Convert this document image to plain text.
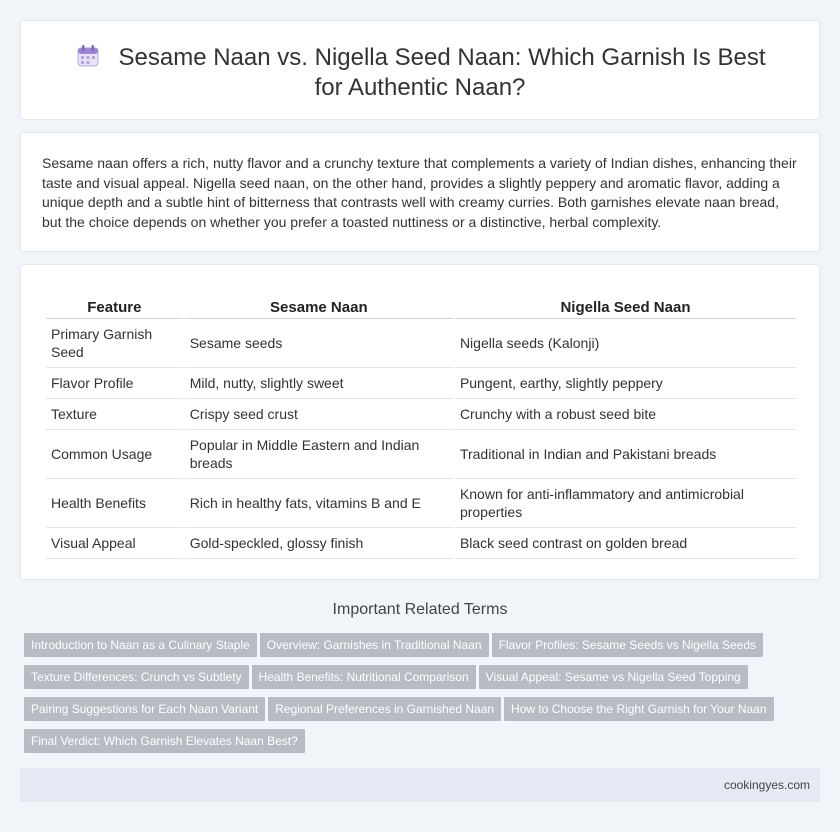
Sesame Naan vs. Nigella Seed Naan: Which Garnish Is Best for Authentic Naan?

Sesame naan offers a rich, nutty flavor and a crunchy texture that complements a variety of Indian dishes, enhancing their taste and visual appeal. Nigella seed naan, on the other hand, provides a slightly peppery and aromatic flavor, adding a unique depth and a subtle hint of bitterness that contrasts well with creamy curries. Both garnishes elevate naan bread, but the choice depends on whether you prefer a toasted nuttiness or a distinctive, herbal complexity.

Feature	Sesame Naan	Nigella Seed Naan
Primary Garnish Seed	Sesame seeds	Nigella seeds (Kalonji)
Flavor Profile	Mild, nutty, slightly sweet	Pungent, earthy, slightly peppery
Texture	Crispy seed crust	Crunchy with a robust seed bite
Common Usage	Popular in Middle Eastern and Indian breads	Traditional in Indian and Pakistani breads
Health Benefits	Rich in healthy fats, vitamins B and E	Known for anti-inflammatory and antimicrobial properties
Visual Appeal	Gold-speckled, glossy finish	Black seed contrast on golden bread
Important Related Terms
Introduction to Naan as a Culinary Staple Overview: Garnishes in Traditional Naan Flavor Profiles: Sesame Seeds vs Nigella Seeds
Texture Differences: Crunch vs Subtlety Health Benefits: Nutritional Comparison Visual Appeal: Sesame vs Nigella Seed Topping
Pairing Suggestions for Each Naan Variant Regional Preferences in Garnished Naan How to Choose the Right Garnish for Your Naan
Final Verdict: Which Garnish Elevates Naan Best?
cookingyes.com
